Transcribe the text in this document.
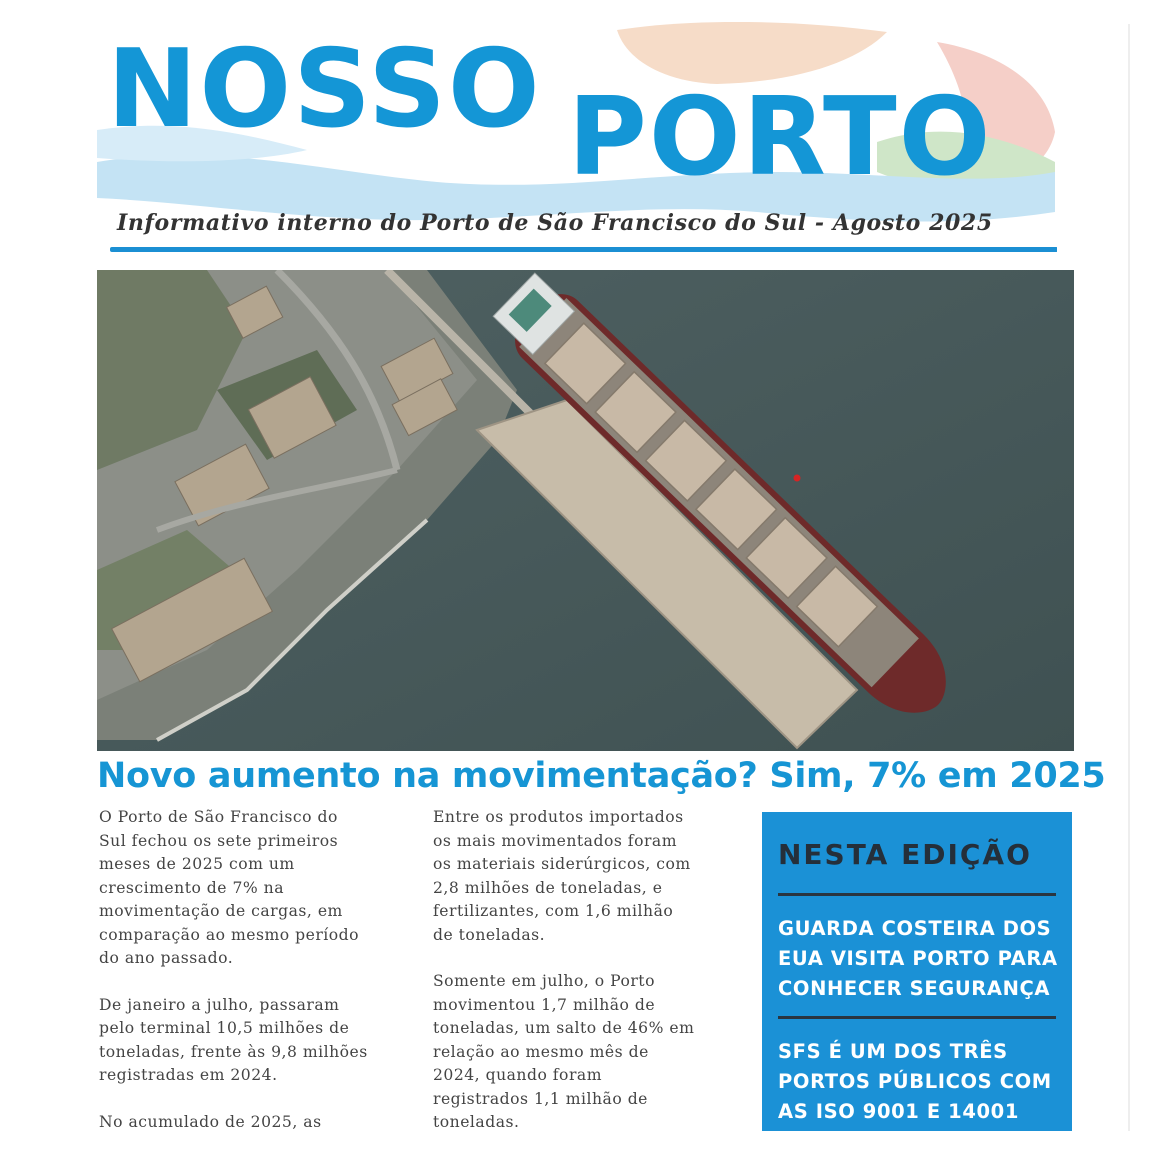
NOSSO PORTO
Informativo interno do Porto de São Francisco do Sul - Agosto 2025
Novo aumento na movimentação? Sim, 7% em 2025

O Porto de São Francisco do
Sul fechou os sete primeiros
meses de 2025 com um
crescimento de 7% na
movimentação de cargas, em
comparação ao mesmo período
do ano passado.

De janeiro a julho, passaram
pelo terminal 10,5 milhões de
toneladas, frente às 9,8 milhões
registradas em 2024.

No acumulado de 2025, as

Entre os produtos importados
os mais movimentados foram
os materiais siderúrgicos, com
2,8 milhões de toneladas, e
fertilizantes, com 1,6 milhão
de toneladas.

Somente em julho, o Porto
movimentou 1,7 milhão de
toneladas, um salto de 46% em
relação ao mesmo mês de
2024, quando foram
registrados 1,1 milhão de
toneladas.

NESTA EDIÇÃO
GUARDA COSTEIRA DOS
EUA VISITA PORTO PARA
CONHECER SEGURANÇA
SFS É UM DOS TRÊS
PORTOS PÚBLICOS COM
AS ISO 9001 E 14001
